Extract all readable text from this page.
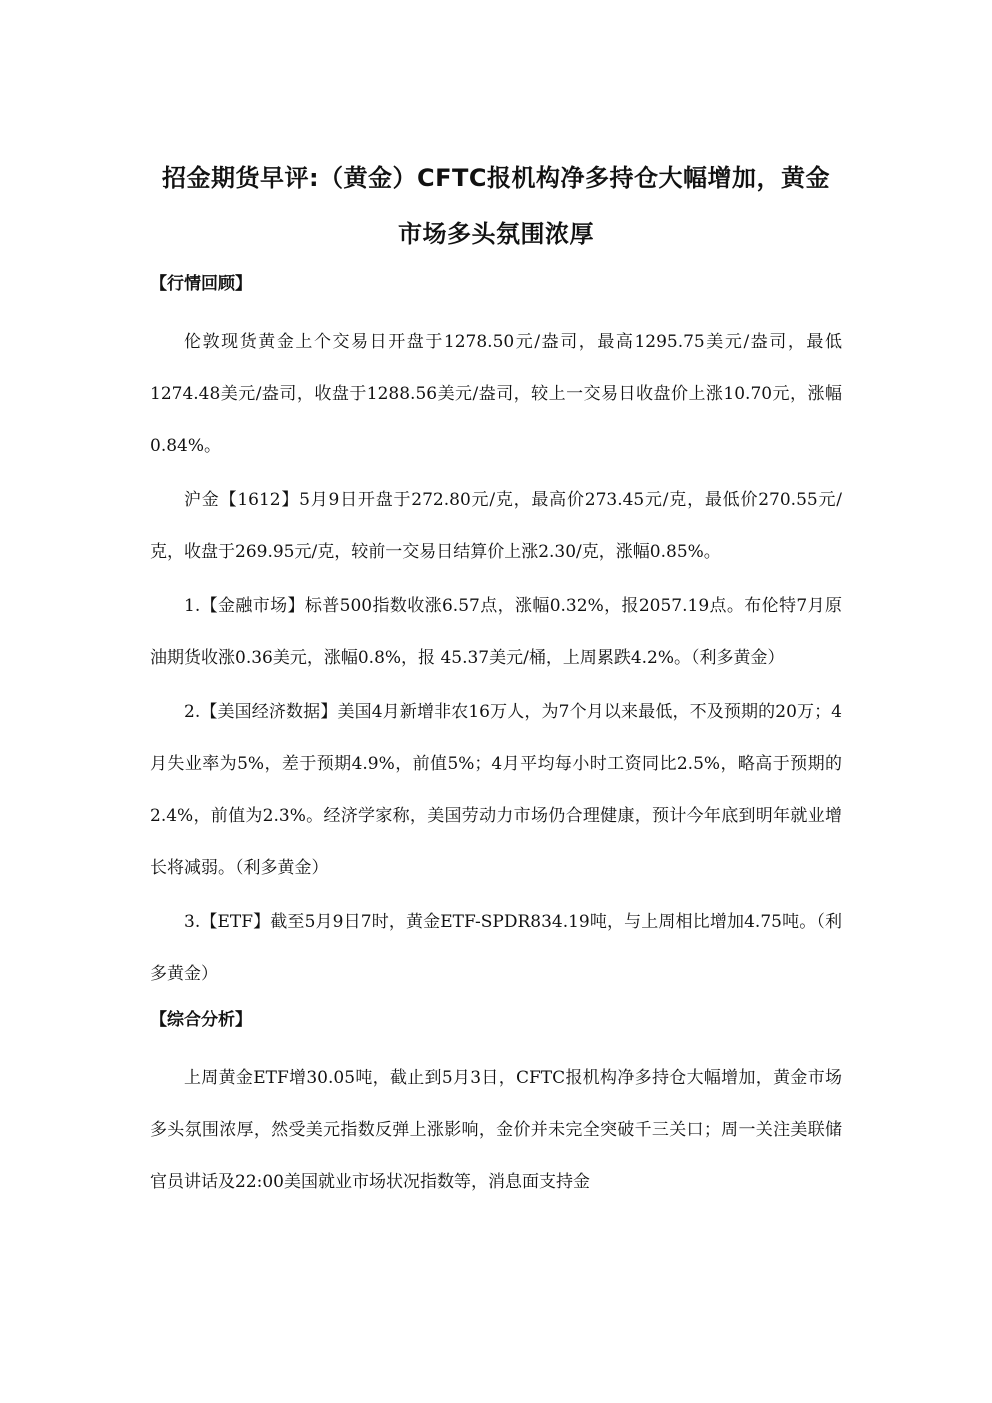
招金期货早评:（黄金）CFTC报机构净多持仓大幅增加，黄金市场多头氛围浓厚
【行情回顾】

伦敦现货黄金上个交易日开盘于1278.50元/盎司，最高1295.75美元/盎司，最低1274.48美元/盎司，收盘于1288.56美元/盎司，较上一交易日收盘价上涨10.70元，涨幅0.84%。

沪金【1612】5月9日开盘于272.80元/克，最高价273.45元/克，最低价270.55元/克，收盘于269.95元/克，较前一交易日结算价上涨2.30/克，涨幅0.85%。

1.【金融市场】标普500指数收涨6.57点，涨幅0.32%，报2057.19点。布伦特7月原油期货收涨0.36美元，涨幅0.8%，报 45.37美元/桶，上周累跌4.2%。（利多黄金）

2.【美国经济数据】美国4月新增非农16万人，为7个月以来最低，不及预期的20万；4月失业率为5%，差于预期4.9%，前值5%；4月平均每小时工资同比2.5%，略高于预期的2.4%，前值为2.3%。经济学家称，美国劳动力市场仍合理健康，预计今年底到明年就业增长将减弱。（利多黄金）

3.【ETF】截至5月9日7时，黄金ETF-SPDR834.19吨，与上周相比增加4.75吨。（利多黄金）

【综合分析】

上周黄金ETF增30.05吨，截止到5月3日，CFTC报机构净多持仓大幅增加，黄金市场多头氛围浓厚，然受美元指数反弹上涨影响，金价并未完全突破千三关口；周一关注美联储官员讲话及22:00美国就业市场状况指数等，消息面支持金
